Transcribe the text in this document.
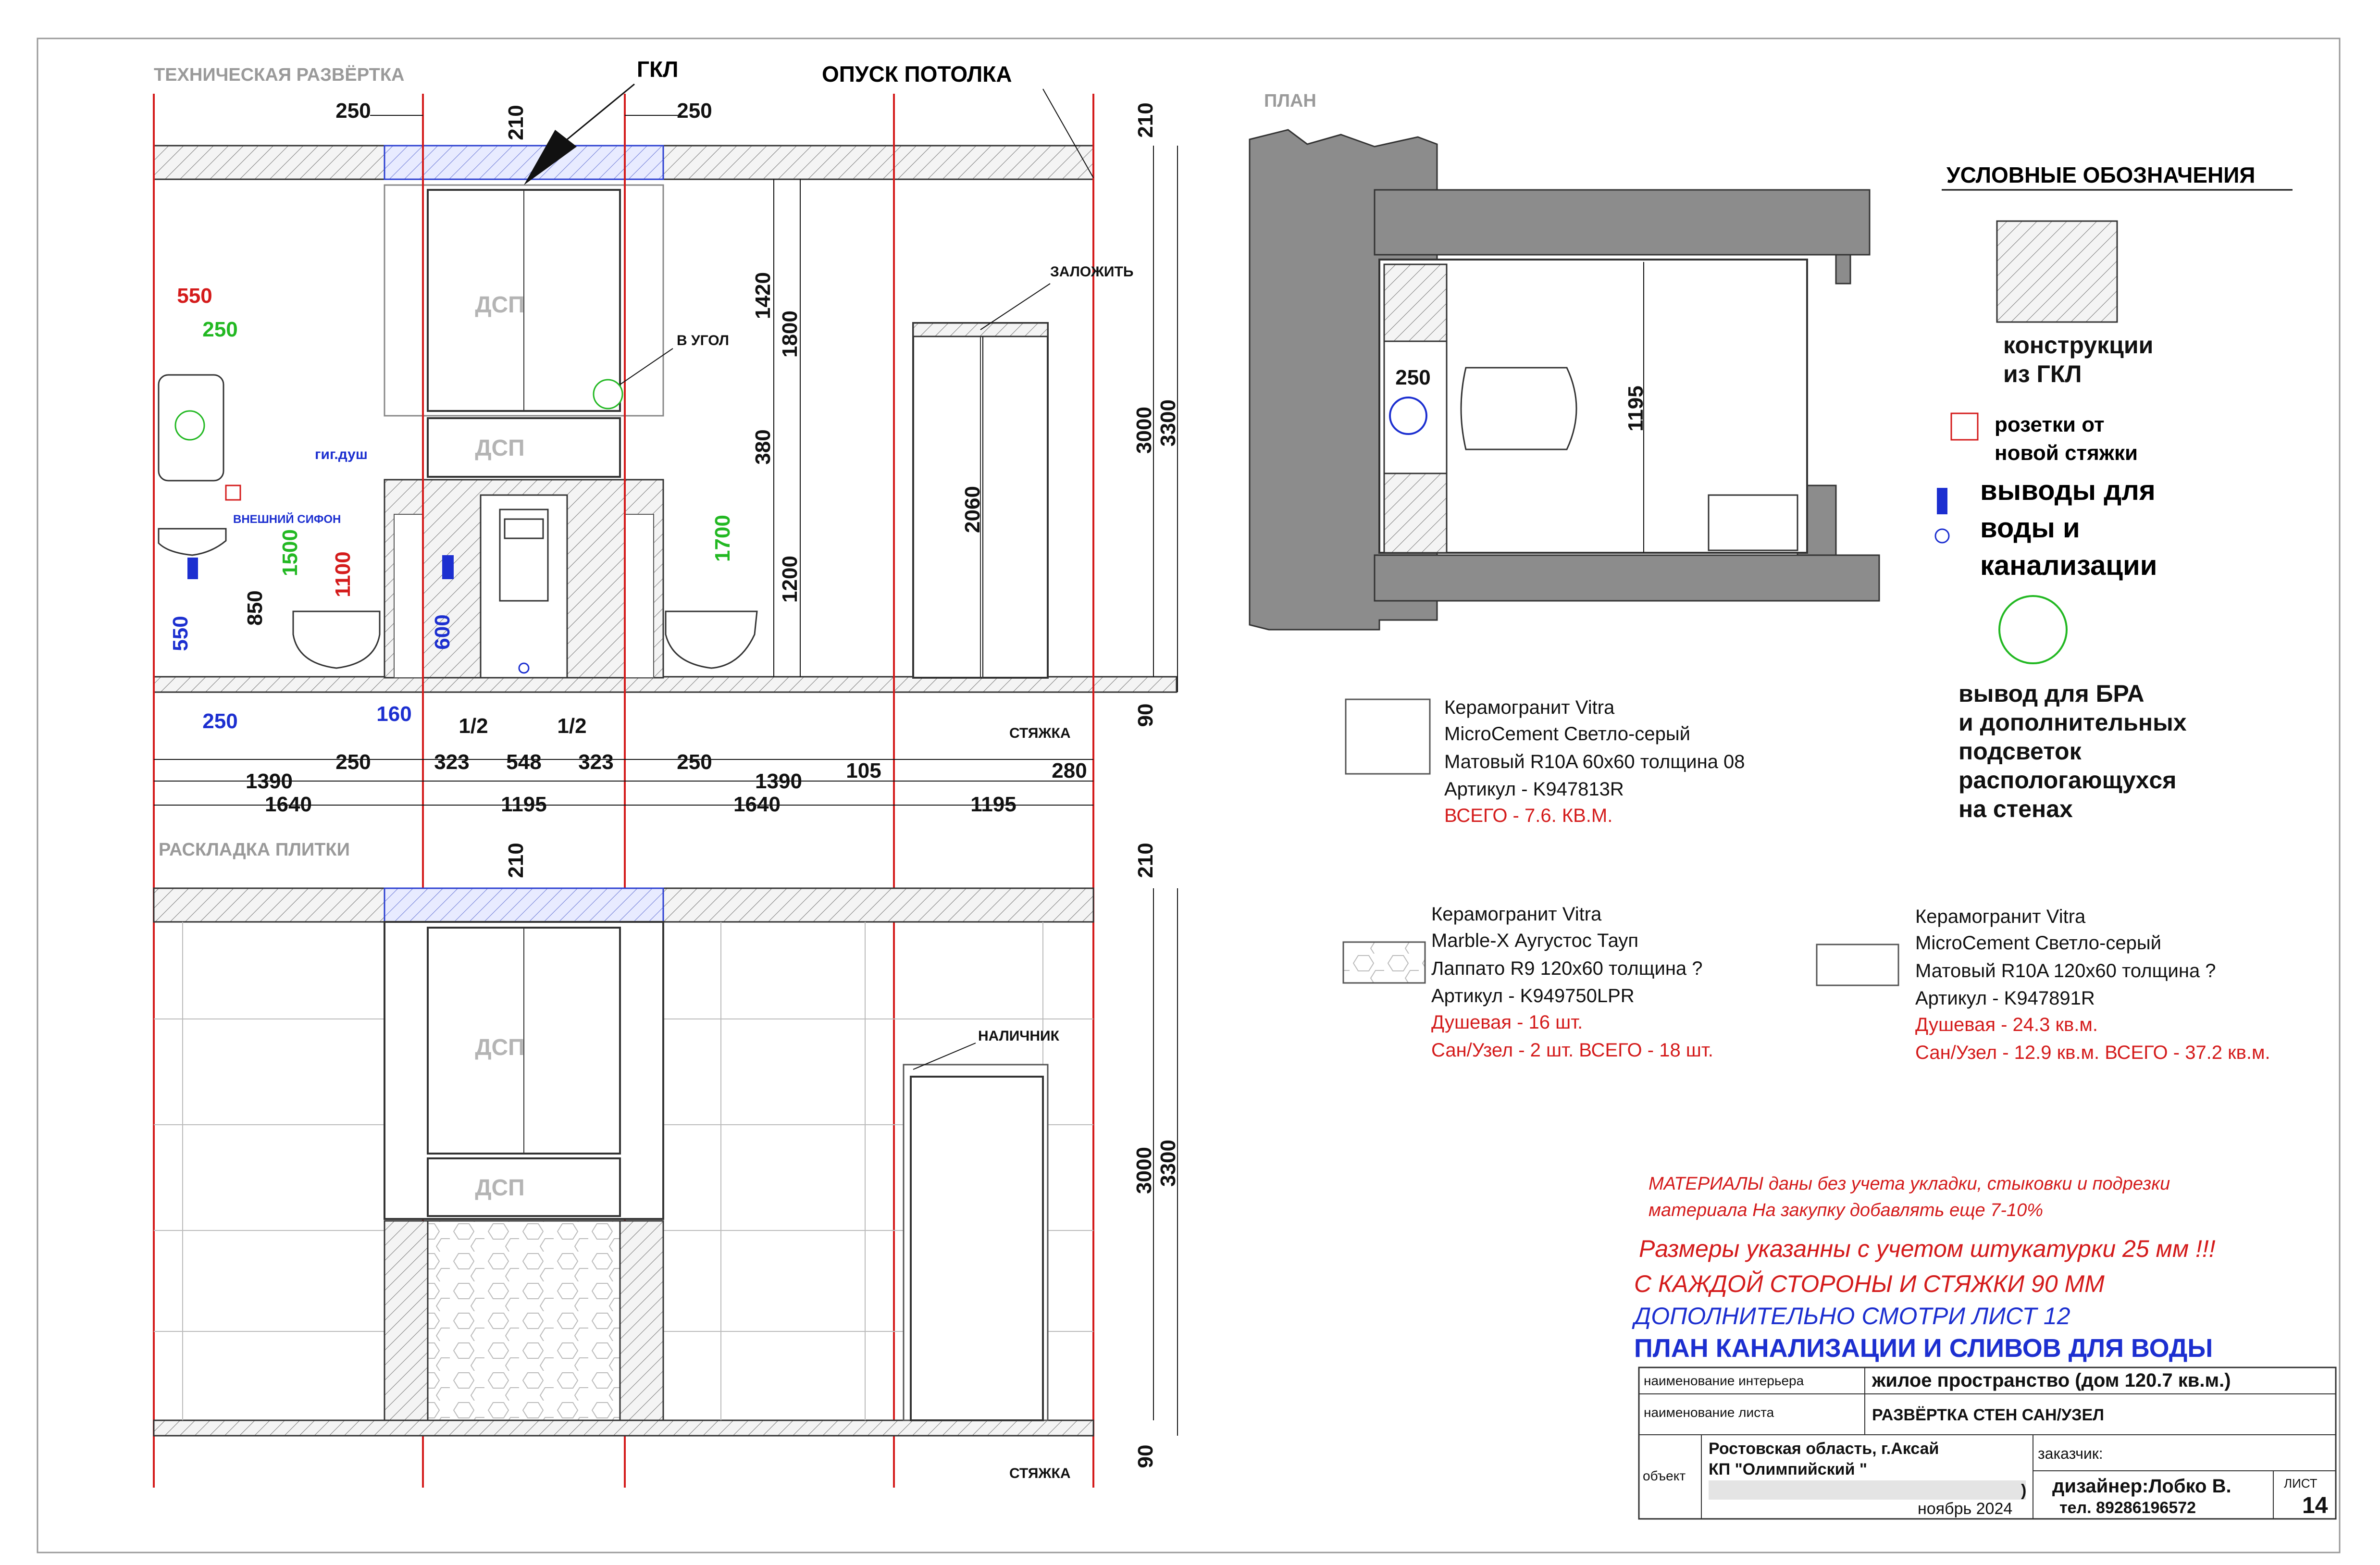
ТЕХНИЧЕСКАЯ РАЗВЁРТКА
ДСП
ДСП
ГКЛ	ОПУСК ПОТОЛКА
ЗАЛОЖИТЬ
В УГОЛ
гиг.душ
ВНЕШНИЙ СИФОН
СТЯЖКА
210	210
1420
1800
380
1200
2060
3000 3300
1500 1100
850
550	600
1700
90
250	250
550
250
250	160
1/2	1/2
250	323 548 323	250
1390	1390 105	280
1640	1195	1640	1195
РАСКЛАДКА ПЛИТКИ
ДСП
ДСП
НАЛИЧНИК
СТЯЖКА
210	210
3000 3300
90
ПЛАН
250
1195
УСЛОВНЫЕ ОБОЗНАЧЕНИЯ
конструкции
из ГКЛ
розетки от
новой стяжки
выводы для
воды и
канализации
вывод для БРА
и дополнительных
подсветок
распологающуxся
на стенах
Керамогранит Vitra
MicroCement Светло-серый
Матовый R10A 60x60 толщина 08
Артикул - K947813R
ВСЕГО - 7.6. КВ.М.
Керамогранит Vitra
Marble-X Аугустос Тауп
Лаппато R9 120x60 толщина ?
Артикул - K949750LPR
Душевая - 16 шт.
Сан/Узел - 2 шт. ВСЕГО - 18 шт.
Керамогранит Vitra
MicroCement Светло-серый
Матовый R10A 120x60 толщина ?
Артикул - K947891R
Душевая - 24.3 кв.м.
Сан/Узел - 12.9 кв.м. ВСЕГО - 37.2 кв.м.
МАТЕРИАЛЫ даны без учета укладки, стыковки и подрезки
материала На закупку добавлять еще 7-10%
Размеры указанны с учетом штукатурки 25 мм !!!
С КАЖДОЙ СТОРОНЫ И СТЯЖКИ 90 ММ
ДОПОЛНИТЕЛЬНО СМОТРИ ЛИСТ 12
ПЛАН КАНАЛИЗАЦИИ И СЛИВОВ ДЛЯ ВОДЫ
наименование интерьера	жилое пространство (дом 120.7 кв.м.)
наименование листа	РАЗВЁРТКА СТЕН САН/УЗЕЛ
объект
Ростовская область, г.Аксай
КП "Олимпийский "
)
ноябрь 2024
заказчик:
дизайнер:Лобко В.
тел. 89286196572
ЛИСТ
14
